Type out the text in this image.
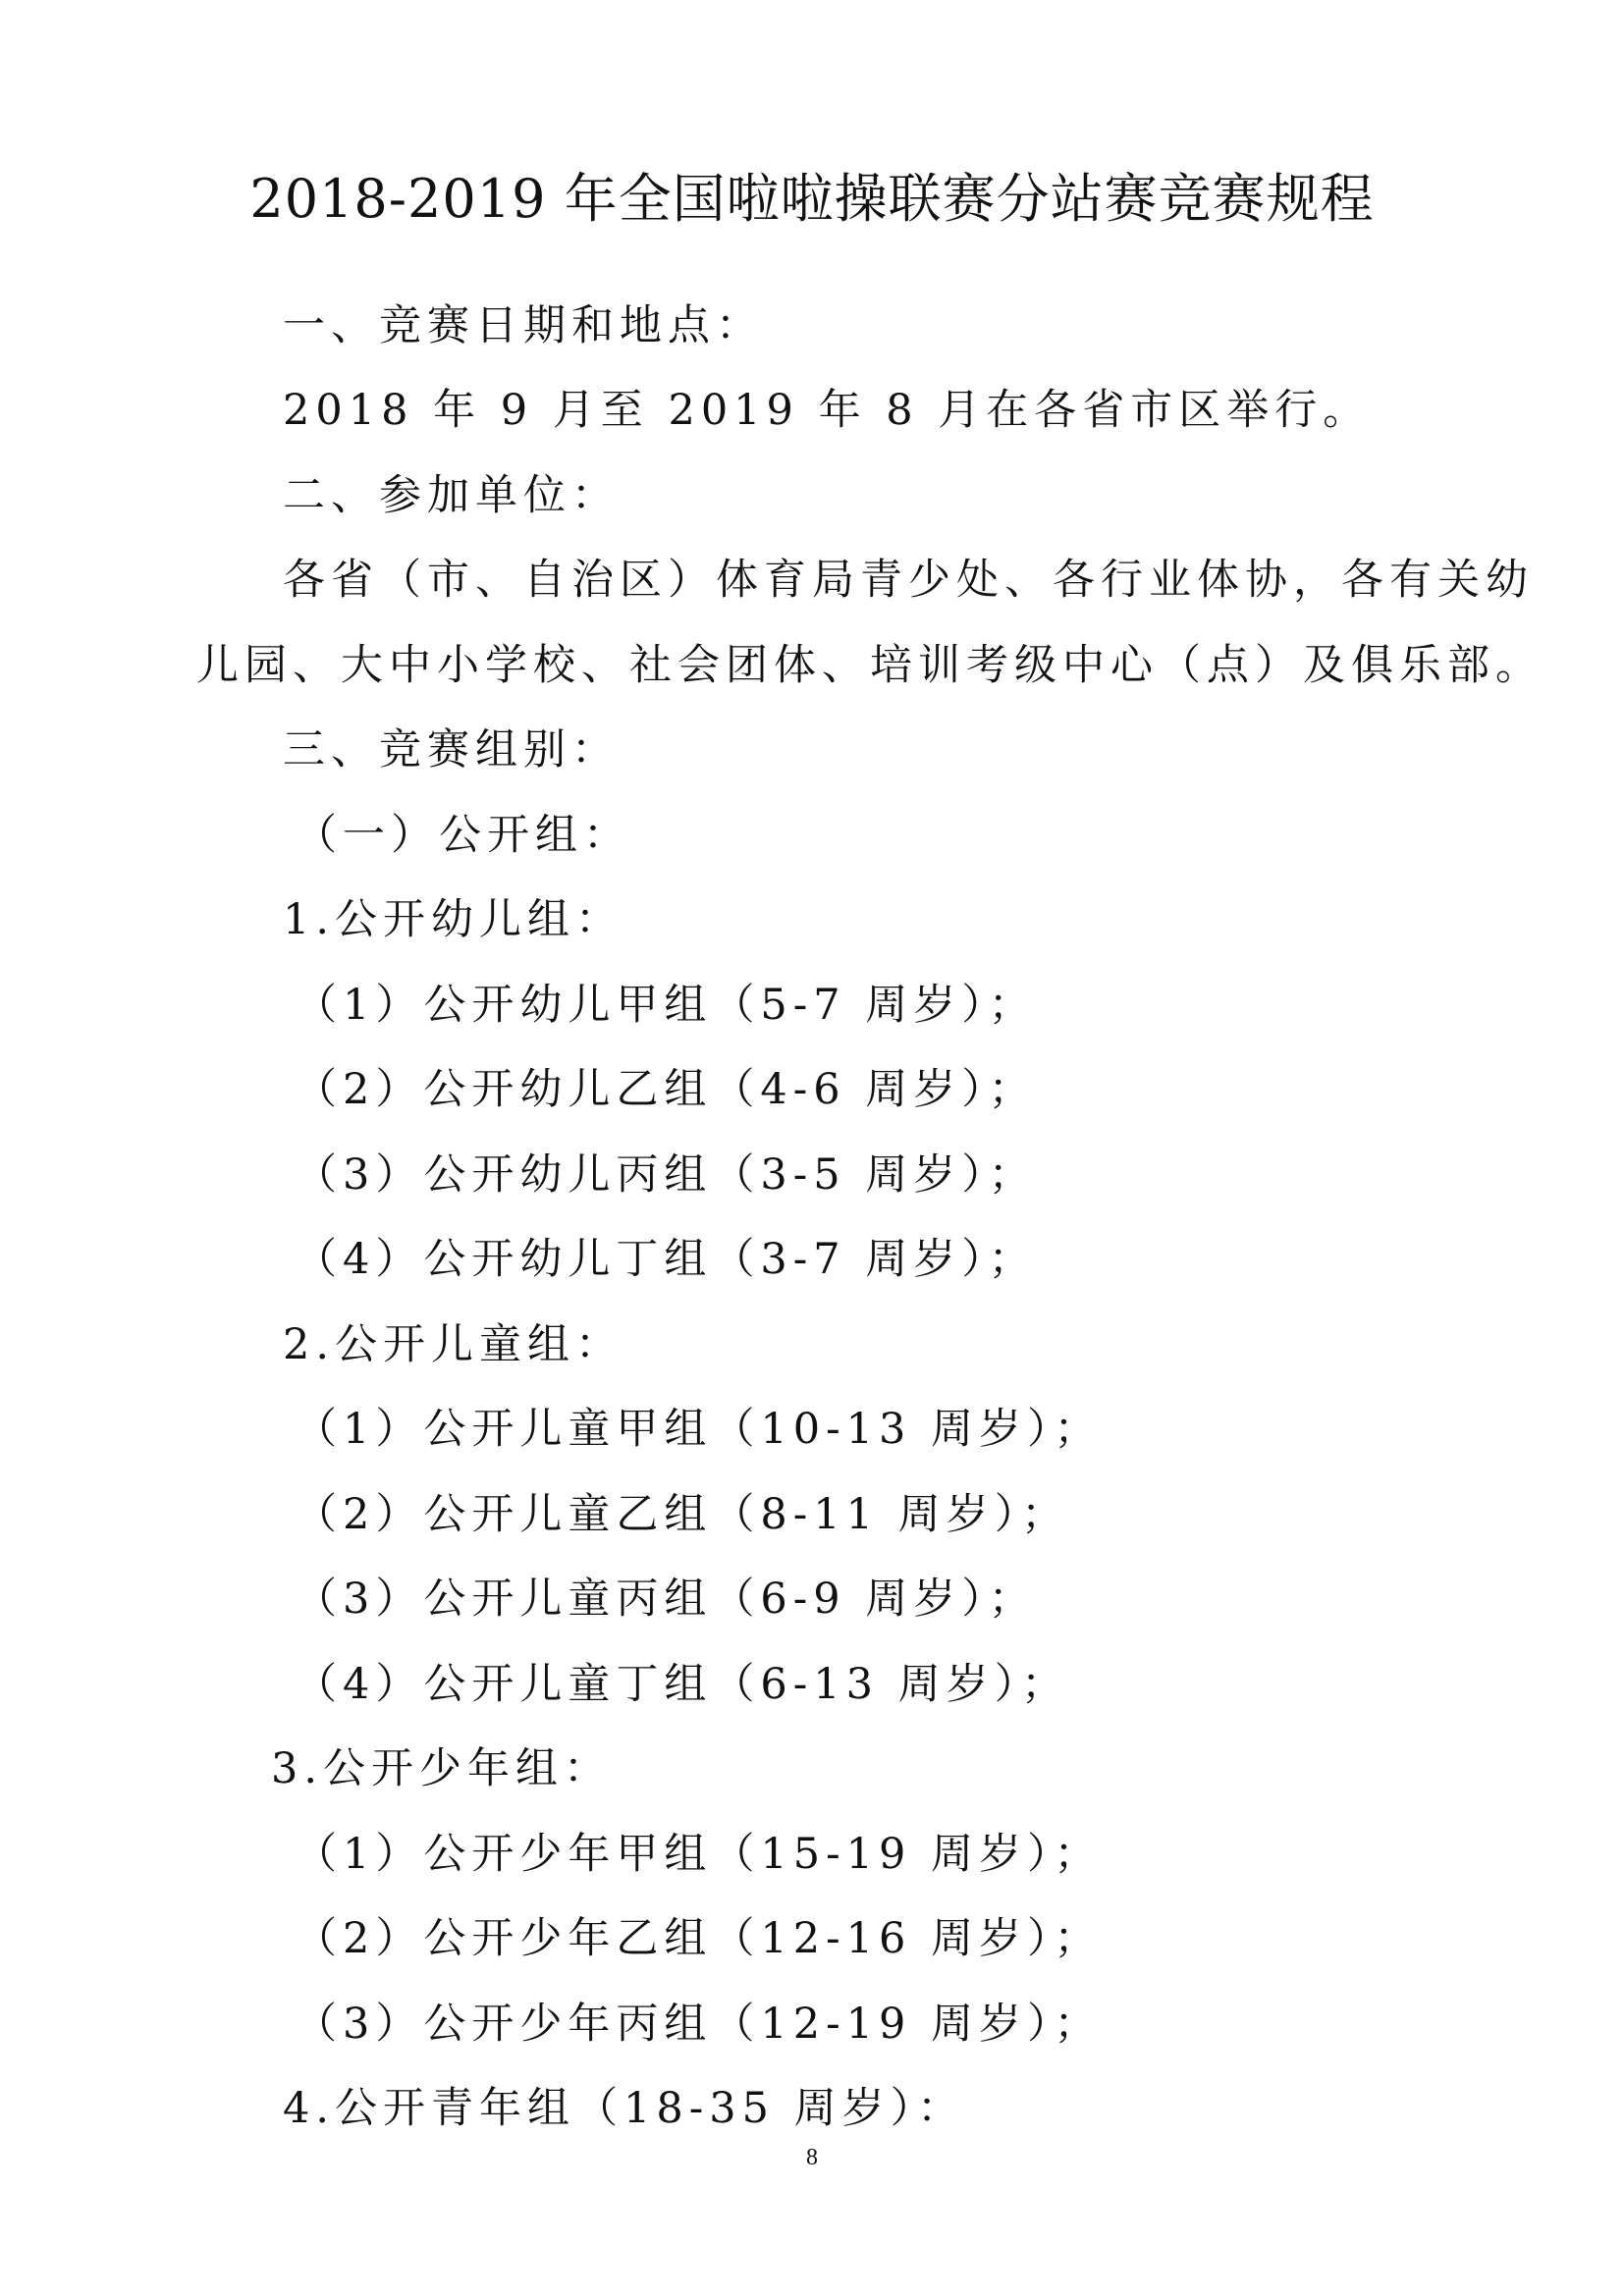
2018-2019 年全国啦啦操联赛分站赛竞赛规程
一、竞赛日期和地点：
2018 年 9 月至 2019 年 8 月在各省市区举行。
二、参加单位：
各省（市、自治区）体育局青少处、各行业体协，各有关幼
儿园、大中小学校、社会团体、培训考级中心（点）及俱乐部。
三、竞赛组别：
（一）公开组：
1.公开幼儿组：
（1）公开幼儿甲组（5-7 周岁）；
（2）公开幼儿乙组（4-6 周岁）；
（3）公开幼儿丙组（3-5 周岁）；
（4）公开幼儿丁组（3-7 周岁）；
2.公开儿童组：
（1）公开儿童甲组（10-13 周岁）；
（2）公开儿童乙组（8-11 周岁）；
（3）公开儿童丙组（6-9 周岁）；
（4）公开儿童丁组（6-13 周岁）；
3.公开少年组：
（1）公开少年甲组（15-19 周岁）；
（2）公开少年乙组（12-16 周岁）；
（3）公开少年丙组（12-19 周岁）；
4.公开青年组（18-35 周岁）：
8
